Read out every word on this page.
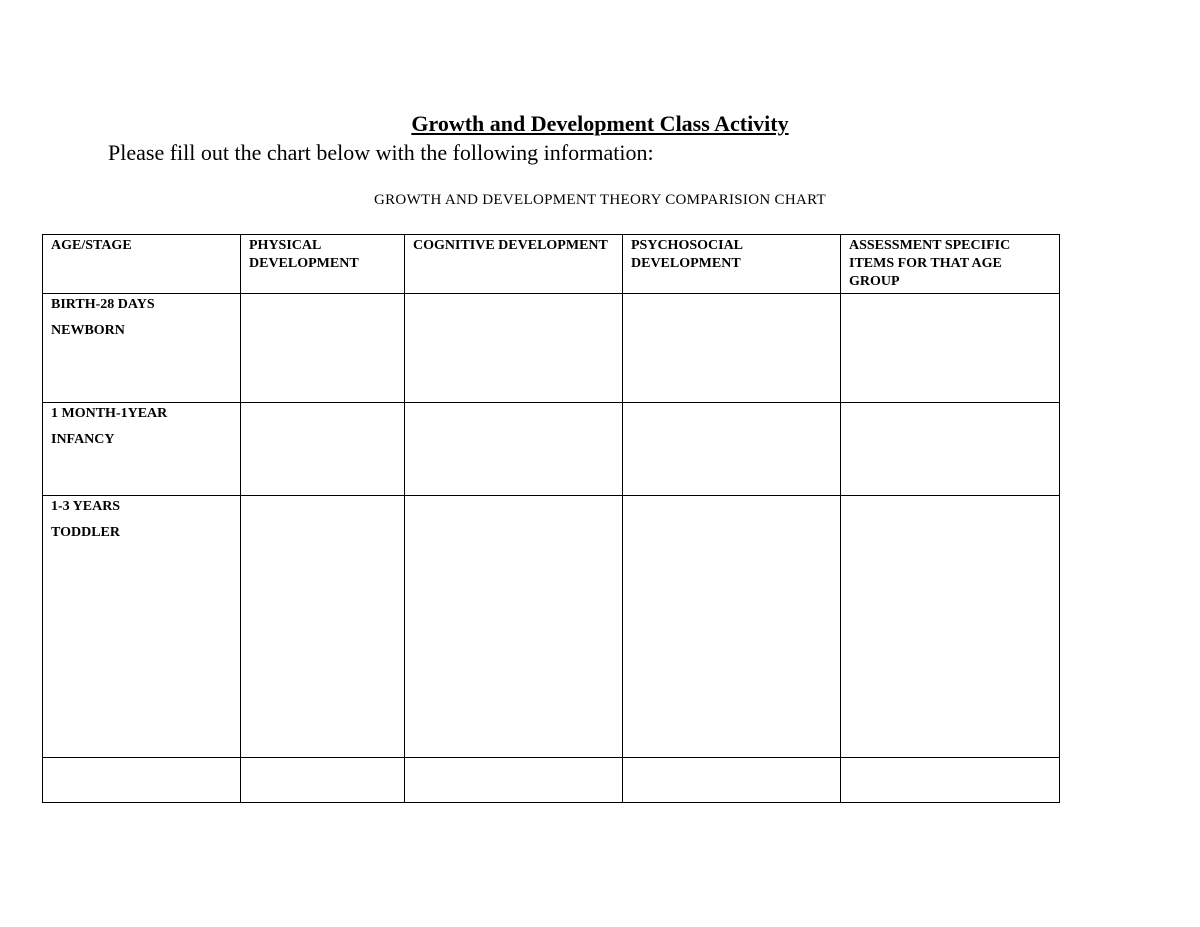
Growth and Development Class Activity
Please fill out the chart below with the following information:
GROWTH AND DEVELOPMENT THEORY COMPARISION CHART
AGE/STAGE	PHYSICAL DEVELOPMENT	COGNITIVE DEVELOPMENT	PSYCHOSOCIAL DEVELOPMENT	ASSESSMENT SPECIFIC ITEMS FOR THAT AGE GROUP

BIRTH-28 DAYS
NEWBORN				

1 MONTH-1YEAR
INFANCY				

1-3 YEARS
TODDLER				
